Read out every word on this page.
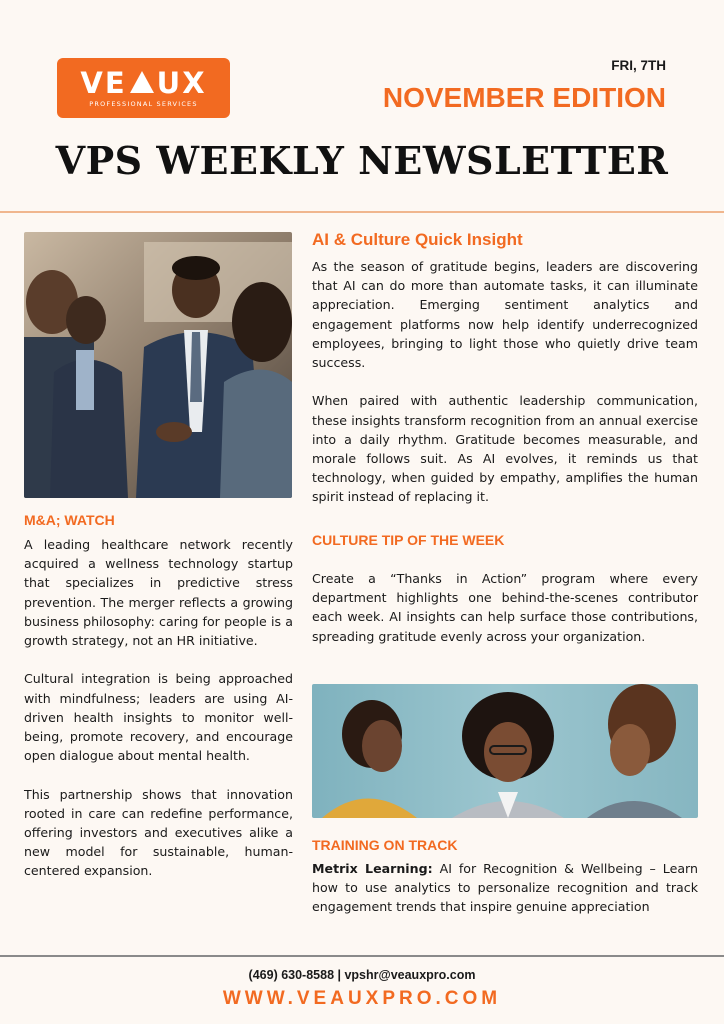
VE UX
PROFESSIONAL SERVICES
FRI, 7TH
NOVEMBER EDITION
VPS WEEKLY NEWSLETTER
AI & Culture Quick Insight

As the season of gratitude begins, leaders are discovering that AI can do more than automate tasks, it can illuminate appreciation. Emerging sentiment analytics and engagement platforms now help identify underrecognized employees, bringing to light those who quietly drive team success.

When paired with authentic leadership communication, these insights transform recognition from an annual exercise into a daily rhythm. Gratitude becomes measurable, and morale follows suit. As AI evolves, it reminds us that technology, when guided by empathy, amplifies the human spirit instead of replacing it.

M&A; WATCH

A leading healthcare network recently acquired a wellness technology startup that specializes in predictive stress prevention. The merger reflects a growing business philosophy: caring for people is a growth strategy, not an HR initiative.

Cultural integration is being approached with mindfulness; leaders are using AI-driven health insights to monitor well-being, promote recovery, and encourage open dialogue about mental health.

This partnership shows that innovation rooted in care can redefine performance, offering investors and executives alike a new model for sustainable, human-centered expansion.

CULTURE TIP OF THE WEEK
Create a “Thanks in Action” program where every department highlights one behind-the-scenes contributor each week. AI insights can help surface those contributions, spreading gratitude evenly across your organization.
TRAINING ON TRACK
Metrix Learning: AI for Recognition & Wellbeing – Learn how to use analytics to personalize recognition and track engagement trends that inspire genuine appreciation
(469) 630-8588 | vpshr@veauxpro.com
WWW.VEAUXPRO.COM
